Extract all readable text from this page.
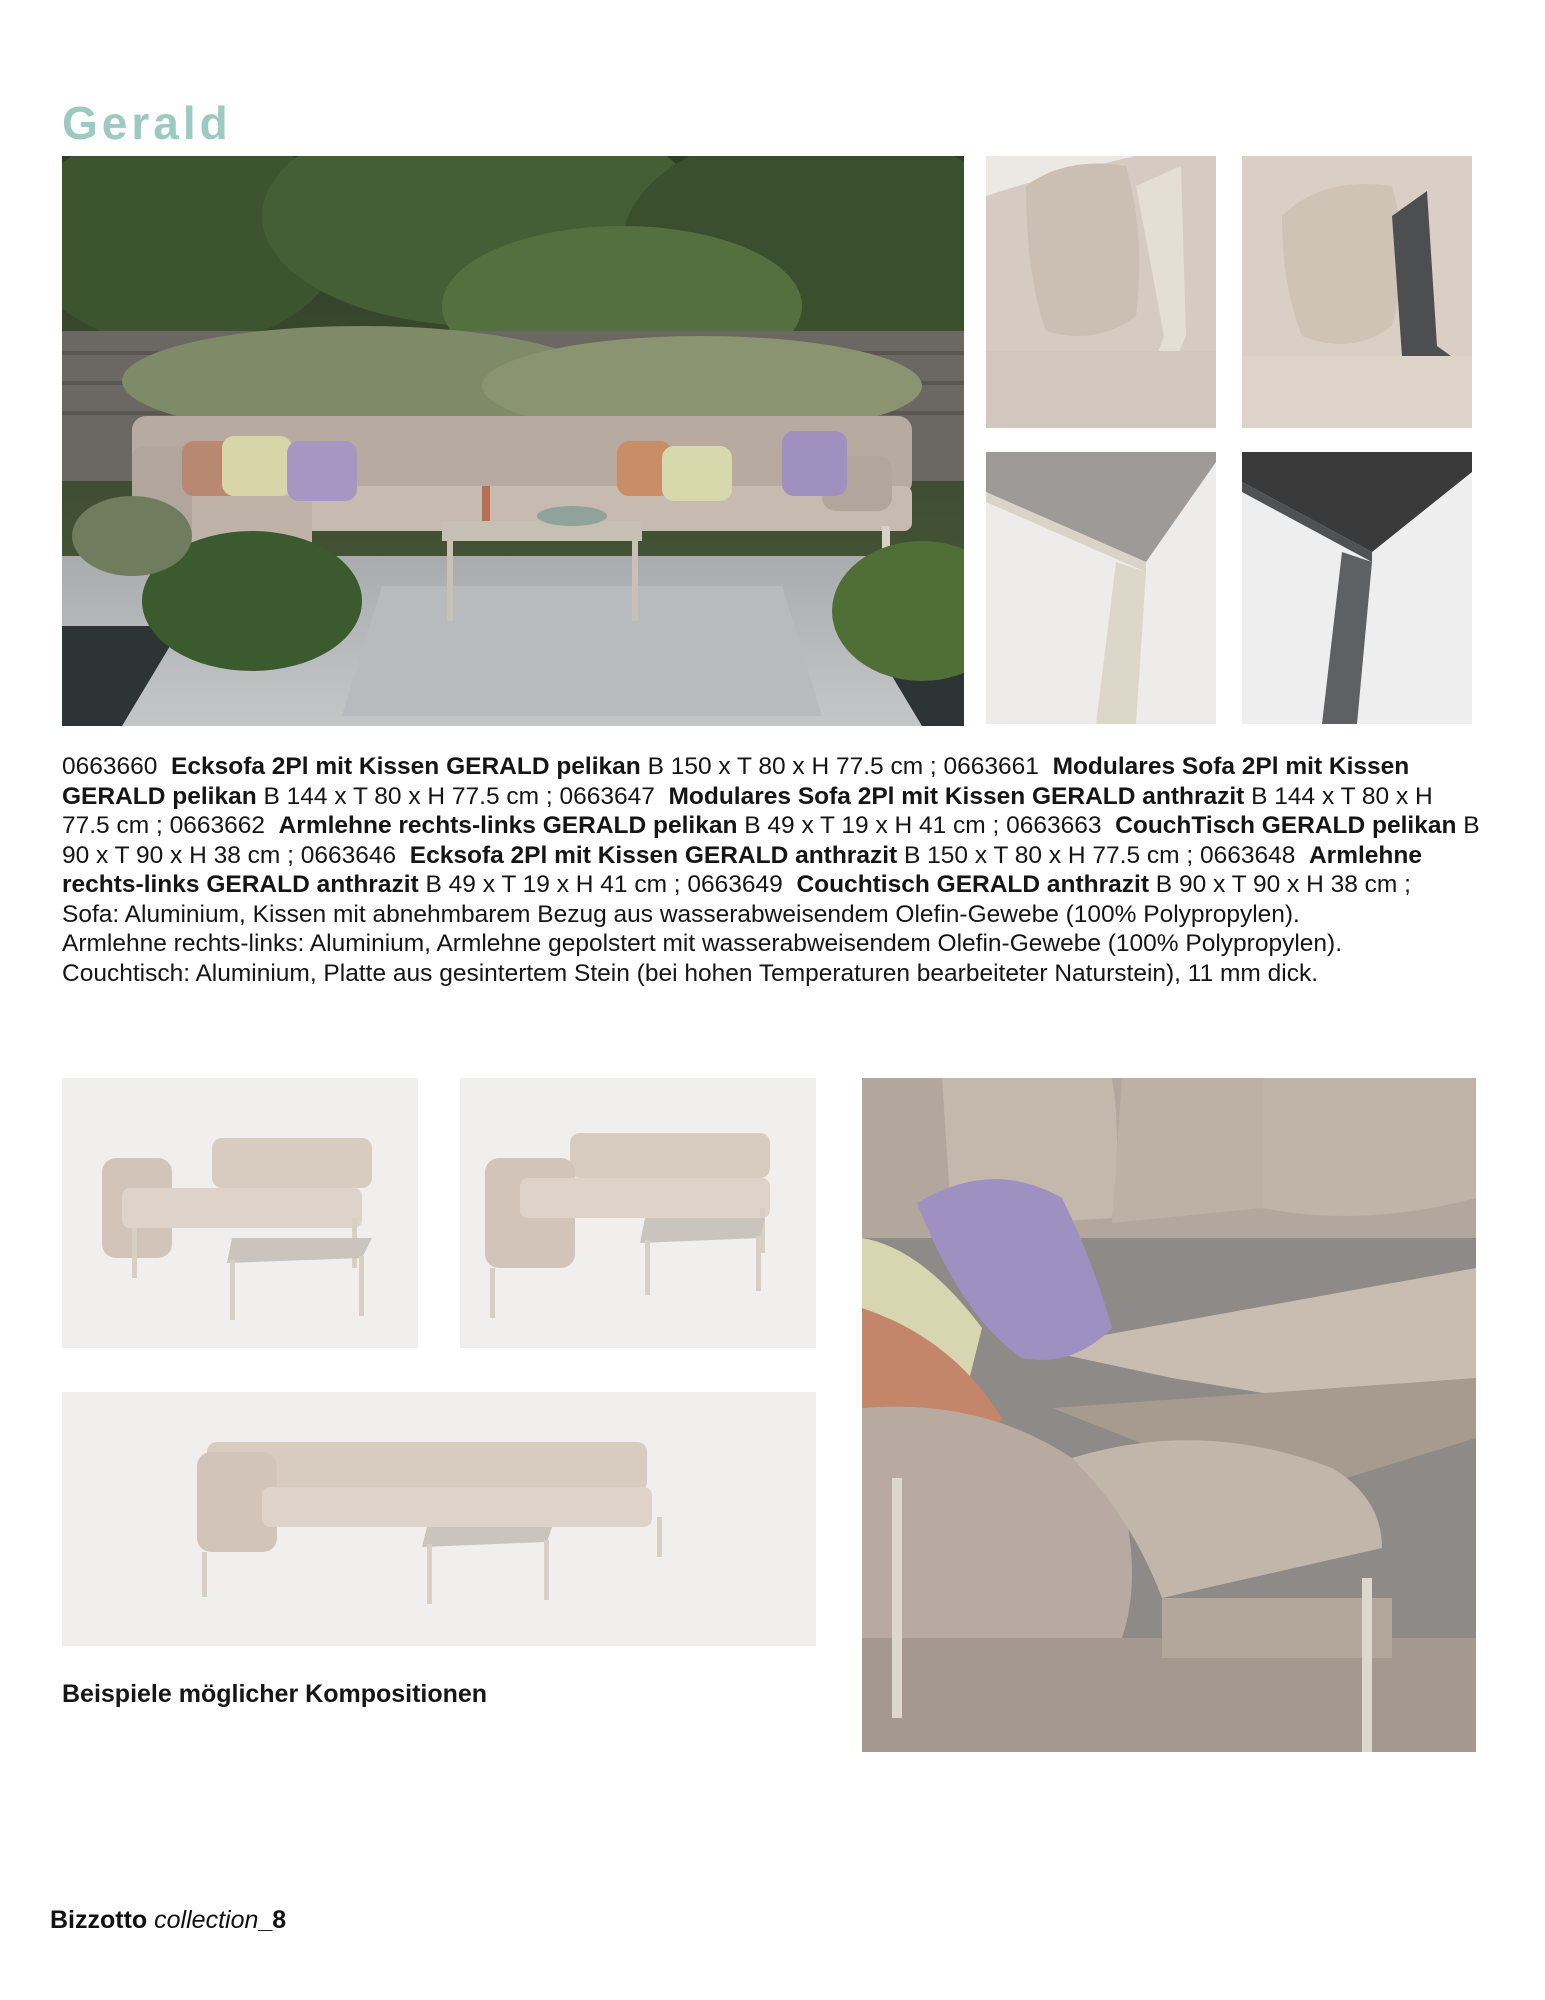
Gerald

0663660 Ecksofa 2Pl mit Kissen GERALD pelikan B 150 x T 80 x H 77.5 cm ; 0663661 Modulares Sofa 2Pl mit Kissen GERALD pelikan B 144 x T 80 x H 77.5 cm ; 0663647 Modulares Sofa 2Pl mit Kissen GERALD anthrazit B 144 x T 80 x H 77.5 cm ; 0663662 Armlehne rechts-links GERALD pelikan B 49 x T 19 x H 41 cm ; 0663663 CouchTisch GERALD pelikan B 90 x T 90 x H 38 cm ; 0663646 Ecksofa 2Pl mit Kissen GERALD anthrazit B 150 x T 80 x H 77.5 cm ; 0663648 Armlehne rechts-links GERALD anthrazit B 49 x T 19 x H 41 cm ; 0663649 Couchtisch GERALD anthrazit B 90 x T 90 x H 38 cm ;

Sofa: Aluminium, Kissen mit abnehmbarem Bezug aus wasserabweisendem Olefin-Gewebe (100% Polypropylen).

Armlehne rechts-links: Aluminium, Armlehne gepolstert mit wasserabweisendem Olefin-Gewebe (100% Polypropylen).

Couchtisch: Aluminium, Platte aus gesintertem Stein (bei hohen Temperaturen bearbeiteter Naturstein), 11 mm dick.

Beispiele möglicher Kompositionen
Bizzotto collection_8
